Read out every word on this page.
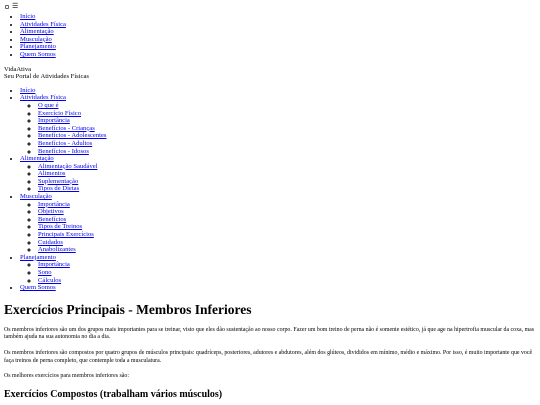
☰
• Início
• Atividades Física
• Alimentação
• Musculação
• Planejamento
• Quem Somos
VidaAtiva
Seu Portal de Atividades Físicas
• Início
• Atividades Física
◦ O que é
◦ Exercício Físico
◦ Importância
◦ Benefícios - Crianças
◦ Benefícios - Adolescentes
◦ Benefícios - Adultos
◦ Benefícios - Idosos
• Alimentação
◦ Alimentação Saudável
◦ Alimentos
◦ Suplementação
◦ Tipos de Dietas
• Musculação
◦ Importância
◦ Objetivos
◦ Benefícios
◦ Tipos de Treinos
◦ Principais Exercícios
◦ Cuidados
◦ Anabolizantes
• Planejamento
◦ Importância
◦ Sono
◦ Cálculos
• Quem Somos
Exercícios Principais - Membros Inferiores

Os membros inferiores são um dos grupos mais importantes para se treinar, visto que eles dão sustentação ao nosso corpo. Fazer um bom treino de perna não é somente estético, já que age na hipertrofia muscular da coxa, mas também ajuda na sua autonomia no dia a dia.

Os membros inferiores são compostos por quatro grupos de músculos principais: quadríceps, posteriores, adutores e abdutores, além dos glúteos, divididos em mínimo, médio e máximo. Por isso, é muito importante que você faça treinos de perna completo, que contemple toda a musculatura.

Os melhores exercícios para membros inferiores são:

Exercícios Compostos (trabalham vários músculos)
